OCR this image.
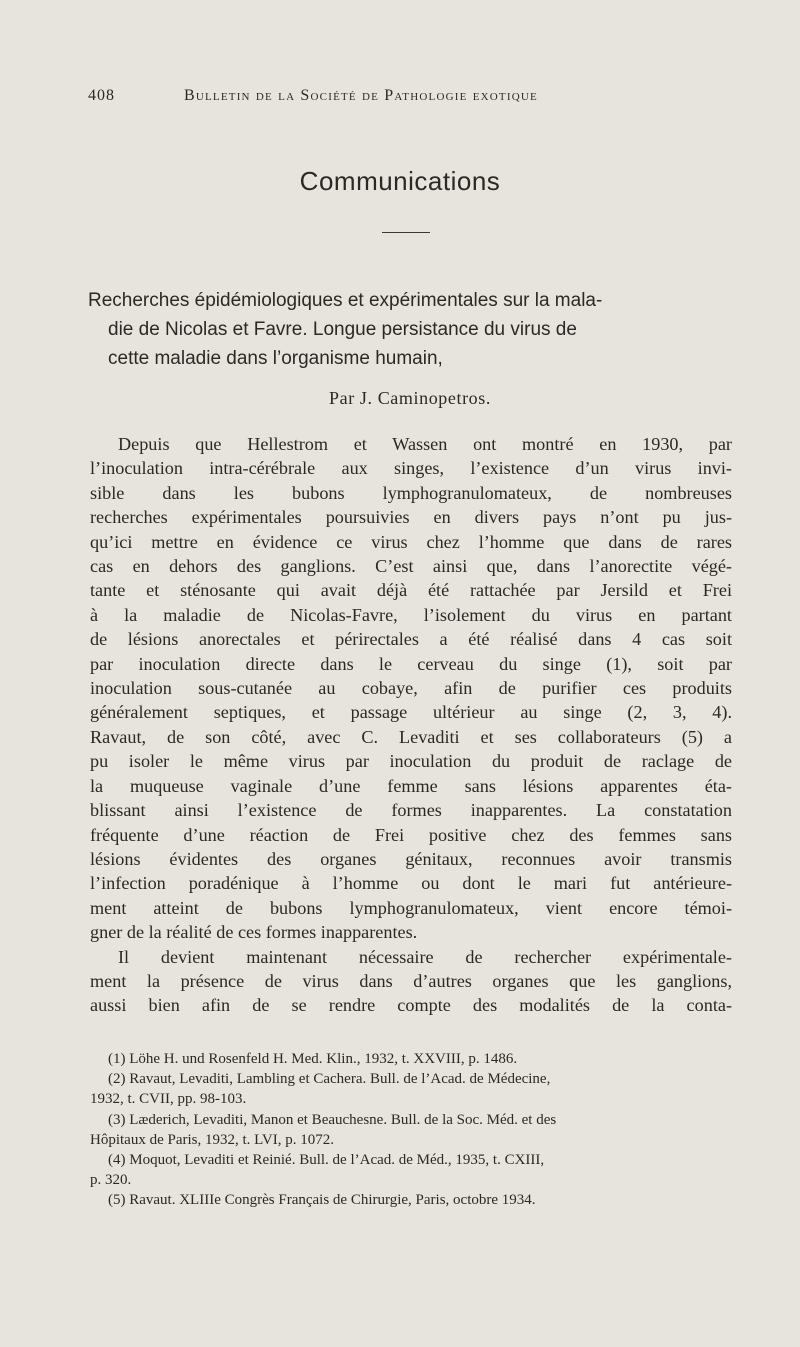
408	Bulletin de la Société de Pathologie exotique
Communications
Recherches épidémiologiques et expérimentales sur la mala-
die de Nicolas et Favre. Longue persistance du virus de
cette maladie dans l’organisme humain,
Par J. Caminopetros.
Depuis que Hellestrom et Wassen ont montré en 1930, par
l’inoculation intra-cérébrale aux singes, l’existence d’un virus invi-
sible dans les bubons lymphogranulomateux, de nombreuses
recherches expérimentales poursuivies en divers pays n’ont pu jus-
qu’ici mettre en évidence ce virus chez l’homme que dans de rares
cas en dehors des ganglions. C’est ainsi que, dans l’anorectite végé-
tante et sténosante qui avait déjà été rattachée par Jersild et Frei
à la maladie de Nicolas-Favre, l’isolement du virus en partant
de lésions anorectales et périrectales a été réalisé dans 4 cas soit
par inoculation directe dans le cerveau du singe (1), soit par
inoculation sous-cutanée au cobaye, afin de purifier ces produits
généralement septiques, et passage ultérieur au singe (2, 3, 4).
Ravaut, de son côté, avec C. Levaditi et ses collaborateurs (5) a
pu isoler le même virus par inoculation du produit de raclage de
la muqueuse vaginale d’une femme sans lésions apparentes éta-
blissant ainsi l’existence de formes inapparentes. La constatation
fréquente d’une réaction de Frei positive chez des femmes sans
lésions évidentes des organes génitaux, reconnues avoir transmis
l’infection poradénique à l’homme ou dont le mari fut antérieure-
ment atteint de bubons lymphogranulomateux, vient encore témoi-
gner de la réalité de ces formes inapparentes.
Il devient maintenant nécessaire de rechercher expérimentale-
ment la présence de virus dans d’autres organes que les ganglions,
aussi bien afin de se rendre compte des modalités de la conta-
(1) Löhe H. und Rosenfeld H. Med. Klin., 1932, t. XXVIII, p. 1486.
(2) Ravaut, Levaditi, Lambling et Cachera. Bull. de l’Acad. de Médecine,
1932, t. CVII, pp. 98-103.
(3) Læderich, Levaditi, Manon et Beauchesne. Bull. de la Soc. Méd. et des
Hôpitaux de Paris, 1932, t. LVI, p. 1072.
(4) Moquot, Levaditi et Reinié. Bull. de l’Acad. de Méd., 1935, t. CXIII,
p. 320.
(5) Ravaut. XLIIIe Congrès Français de Chirurgie, Paris, octobre 1934.
